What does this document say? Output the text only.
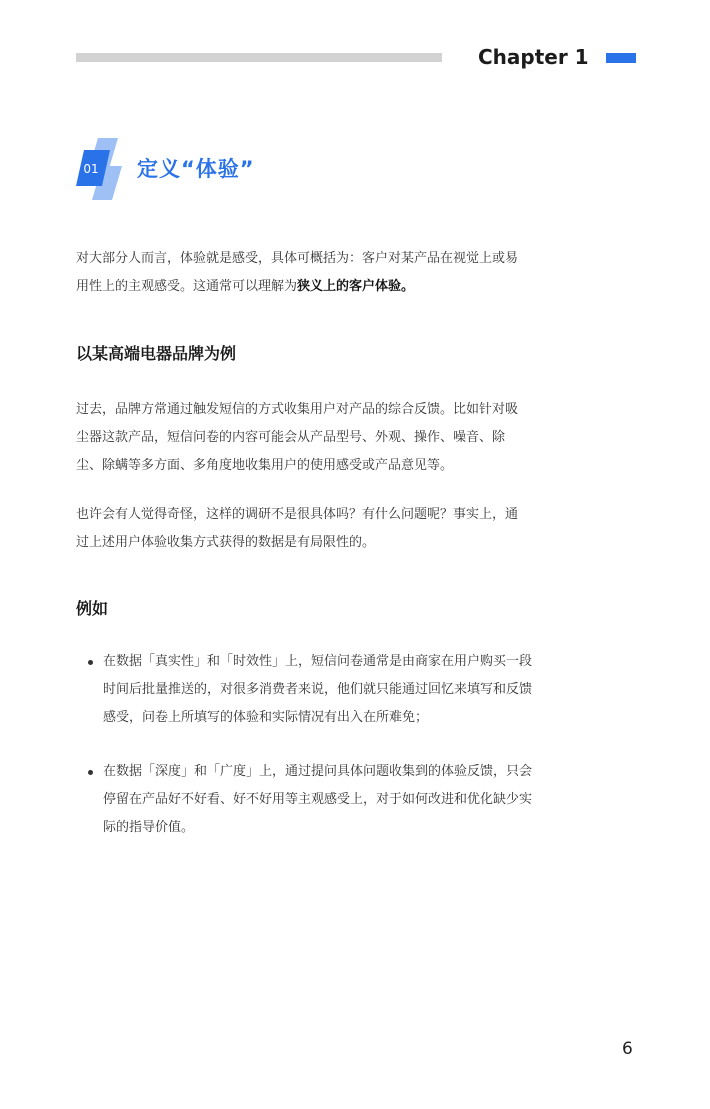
Chapter 1
01 定义“体验”

对大部分人而言，体验就是感受，具体可概括为：客户对某产品在视觉上或易用性上的主观感受。这通常可以理解为狭义上的客户体验。

以某高端电器品牌为例

过去，品牌方常通过触发短信的方式收集用户对产品的综合反馈。比如针对吸尘器这款产品，短信问卷的内容可能会从产品型号、外观、操作、噪音、除尘、除螨等多方面、多角度地收集用户的使用感受或产品意见等。

也许会有人觉得奇怪，这样的调研不是很具体吗？有什么问题呢？事实上，通过上述用户体验收集方式获得的数据是有局限性的。

例如
在数据「真实性」和「时效性」上，短信问卷通常是由商家在用户购买一段时间后批量推送的，对很多消费者来说，他们就只能通过回忆来填写和反馈感受，问卷上所填写的体验和实际情况有出入在所难免；
在数据「深度」和「广度」上，通过提问具体问题收集到的体验反馈，只会停留在产品好不好看、好不好用等主观感受上，对于如何改进和优化缺少实际的指导价值。
6
